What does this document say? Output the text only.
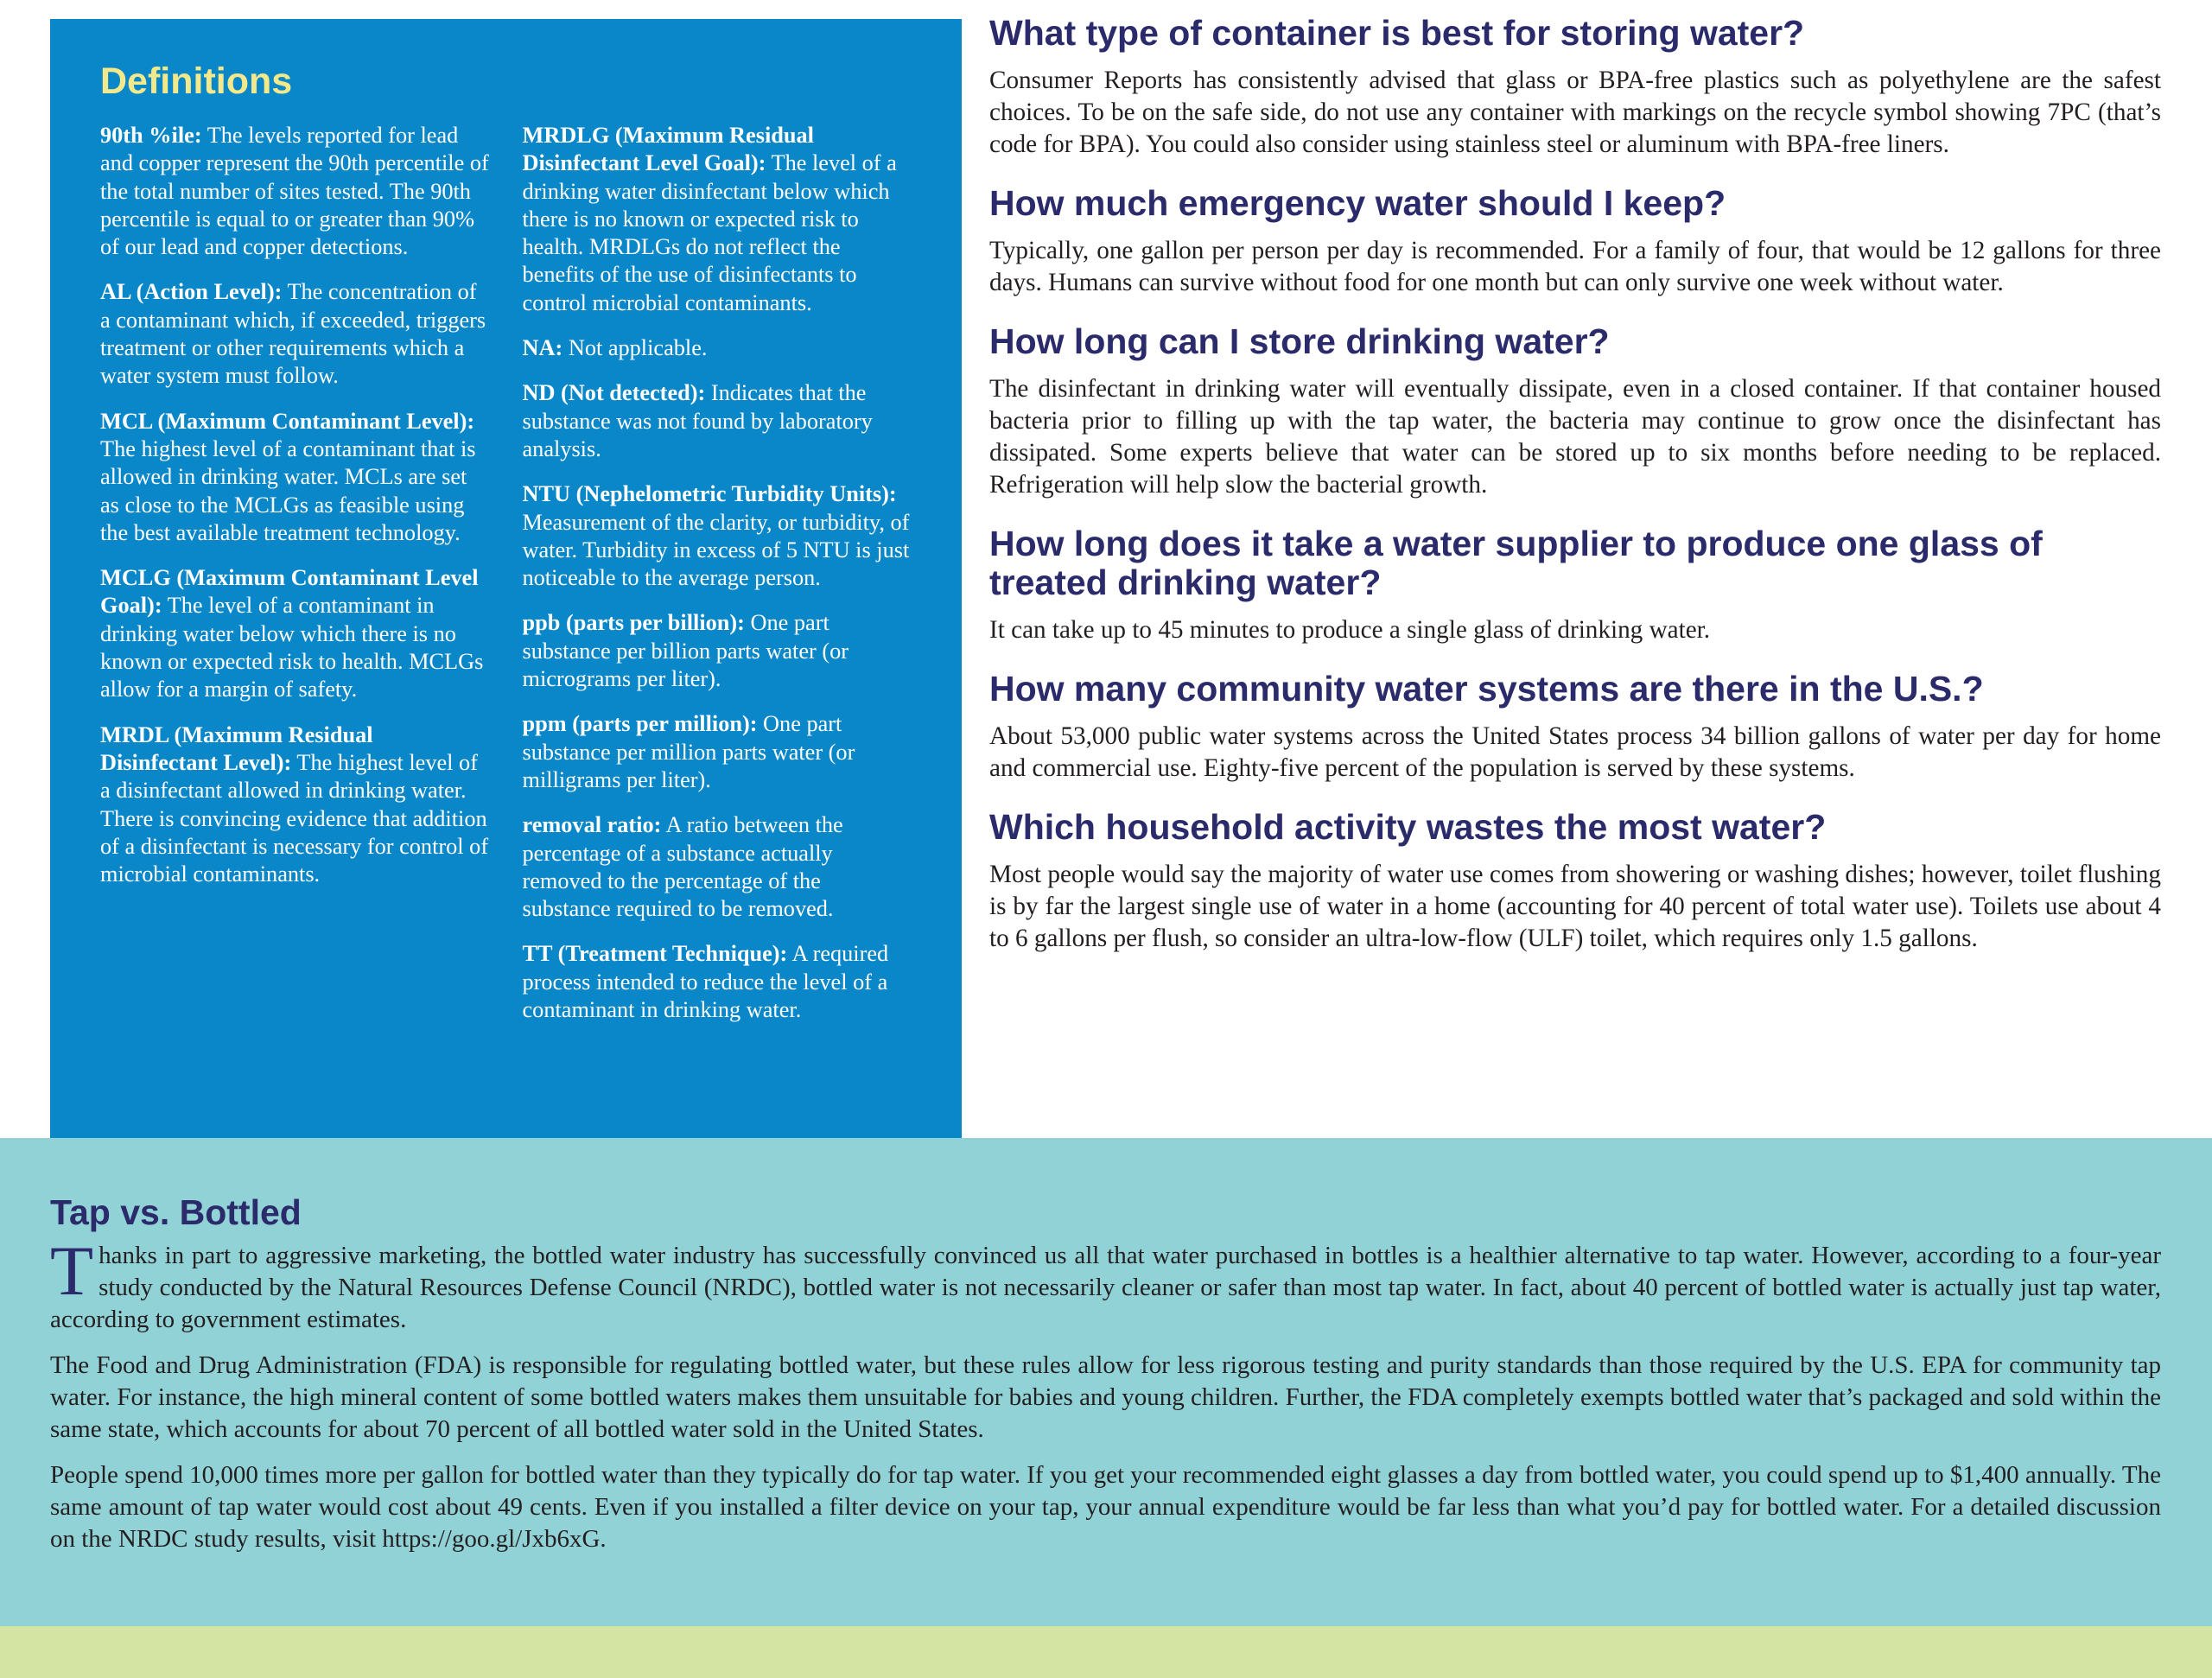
Definitions

90th %ile: The levels reported for lead and copper represent the 90th percentile of the total number of sites tested. The 90th percentile is equal to or greater than 90% of our lead and copper detections.

AL (Action Level): The concentration of a contaminant which, if exceeded, triggers treatment or other requirements which a water system must follow.

MCL (Maximum Contaminant Level): The highest level of a contaminant that is allowed in drinking water. MCLs are set as close to the MCLGs as feasible using the best available treatment technology.

MCLG (Maximum Contaminant Level Goal): The level of a contaminant in drinking water below which there is no known or expected risk to health. MCLGs allow for a margin of safety.

MRDL (Maximum Residual Disinfectant Level): The highest level of a disinfectant allowed in drinking water. There is convincing evidence that addition of a disinfectant is necessary for control of microbial contaminants.

MRDLG (Maximum Residual Disinfectant Level Goal): The level of a drinking water disinfectant below which there is no known or expected risk to health. MRDLGs do not reflect the benefits of the use of disinfectants to control microbial contaminants.

NA: Not applicable.

ND (Not detected): Indicates that the substance was not found by laboratory analysis.

NTU (Nephelometric Turbidity Units): Measurement of the clarity, or turbidity, of water. Turbidity in excess of 5 NTU is just noticeable to the average person.

ppb (parts per billion): One part substance per billion parts water (or micrograms per liter).

ppm (parts per million): One part substance per million parts water (or milligrams per liter).

removal ratio: A ratio between the percentage of a substance actually removed to the percentage of the substance required to be removed.

TT (Treatment Technique): A required process intended to reduce the level of a contaminant in drinking water.

What type of container is best for storing water?

Consumer Reports has consistently advised that glass or BPA-free plastics such as polyethylene are the safest choices. To be on the safe side, do not use any container with markings on the recycle symbol showing 7PC (that’s code for BPA). You could also consider using stainless steel or aluminum with BPA-free liners.

How much emergency water should I keep?

Typically, one gallon per person per day is recommended. For a family of four, that would be 12 gallons for three days. Humans can survive without food for one month but can only survive one week without water.

How long can I store drinking water?

The disinfectant in drinking water will eventually dissipate, even in a closed container. If that container housed bacteria prior to filling up with the tap water, the bacteria may continue to grow once the disinfectant has dissipated. Some experts believe that water can be stored up to six months before needing to be replaced. Refrigeration will help slow the bacterial growth.

How long does it take a water supplier to produce one glass of treated drinking water?

It can take up to 45 minutes to produce a single glass of drinking water.

How many community water systems are there in the U.S.?

About 53,000 public water systems across the United States process 34 billion gallons of water per day for home and commercial use. Eighty-five percent of the population is served by these systems.

Which household activity wastes the most water?

Most people would say the majority of water use comes from showering or washing dishes; however, toilet flushing is by far the largest single use of water in a home (accounting for 40 percent of total water use). Toilets use about 4 to 6 gallons per flush, so consider an ultra-low-flow (ULF) toilet, which requires only 1.5 gallons.

Tap vs. Bottled

Thanks in part to aggressive marketing, the bottled water industry has successfully convinced us all that water purchased in bottles is a healthier alternative to tap water. However, according to a four-year study conducted by the Natural Resources Defense Council (NRDC), bottled water is not necessarily cleaner or safer than most tap water. In fact, about 40 percent of bottled water is actually just tap water, according to government estimates.

The Food and Drug Administration (FDA) is responsible for regulating bottled water, but these rules allow for less rigorous testing and purity standards than those required by the U.S. EPA for community tap water. For instance, the high mineral content of some bottled waters makes them unsuitable for babies and young children. Further, the FDA completely exempts bottled water that’s packaged and sold within the same state, which accounts for about 70 percent of all bottled water sold in the United States.

People spend 10,000 times more per gallon for bottled water than they typically do for tap water. If you get your recommended eight glasses a day from bottled water, you could spend up to $1,400 annually. The same amount of tap water would cost about 49 cents. Even if you installed a filter device on your tap, your annual expenditure would be far less than what you’d pay for bottled water. For a detailed discussion on the NRDC study results, visit https://goo.gl/Jxb6xG.
